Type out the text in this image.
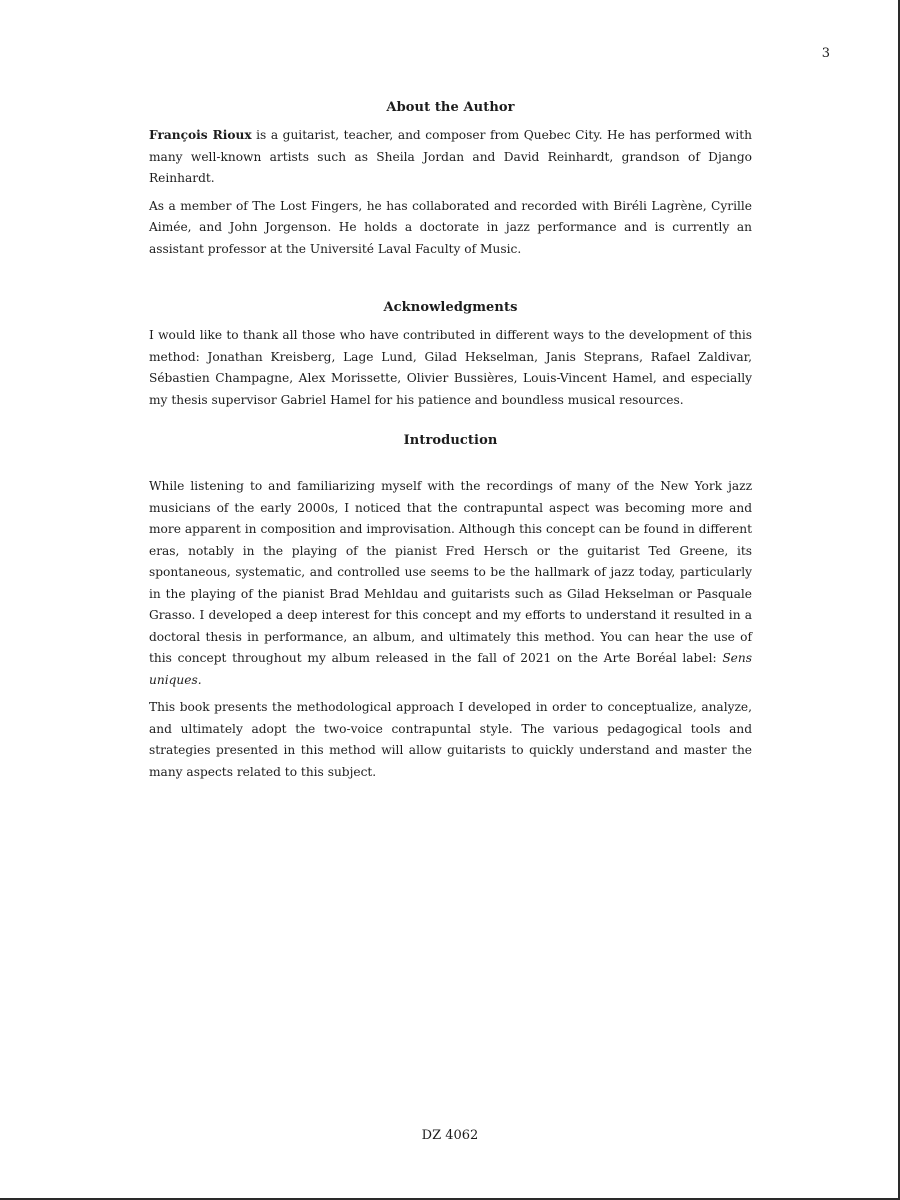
3
About the Author

François Rioux is a guitarist, teacher, and composer from Quebec City. He has performed with many well-known artists such as Sheila Jordan and David Reinhardt, grandson of Django Reinhardt.

As a member of The Lost Fingers, he has collaborated and recorded with Biréli Lagrène, Cyrille Aimée, and John Jorgenson. He holds a doctorate in jazz performance and is currently an assistant professor at the Université Laval Faculty of Music.

Acknowledgments

I would like to thank all those who have contributed in different ways to the development of this method: Jonathan Kreisberg, Lage Lund, Gilad Hekselman, Janis Steprans, Rafael Zaldivar, Sébastien Champagne, Alex Morissette, Olivier Bussières, Louis-Vincent Hamel, and especially my thesis supervisor Gabriel Hamel for his patience and boundless musical resources.

Introduction

While listening to and familiarizing myself with the recordings of many of the New York jazz musicians of the early 2000s, I noticed that the contrapuntal aspect was becoming more and more apparent in composition and improvisation. Although this concept can be found in different eras, notably in the playing of the pianist Fred Hersch or the guitarist Ted Greene, its spontaneous, systematic, and controlled use seems to be the hallmark of jazz today, particularly in the playing of the pianist Brad Mehldau and guitarists such as Gilad Hekselman or Pasquale Grasso. I developed a deep interest for this concept and my efforts to understand it resulted in a doctoral thesis in performance, an album, and ultimately this method. You can hear the use of this concept throughout my album released in the fall of 2021 on the Arte Boréal label: Sens uniques.

This book presents the methodological approach I developed in order to conceptualize, analyze, and ultimately adopt the two-voice contrapuntal style. The various pedagogical tools and strategies presented in this method will allow guitarists to quickly understand and master the many aspects related to this subject.

DZ 4062
